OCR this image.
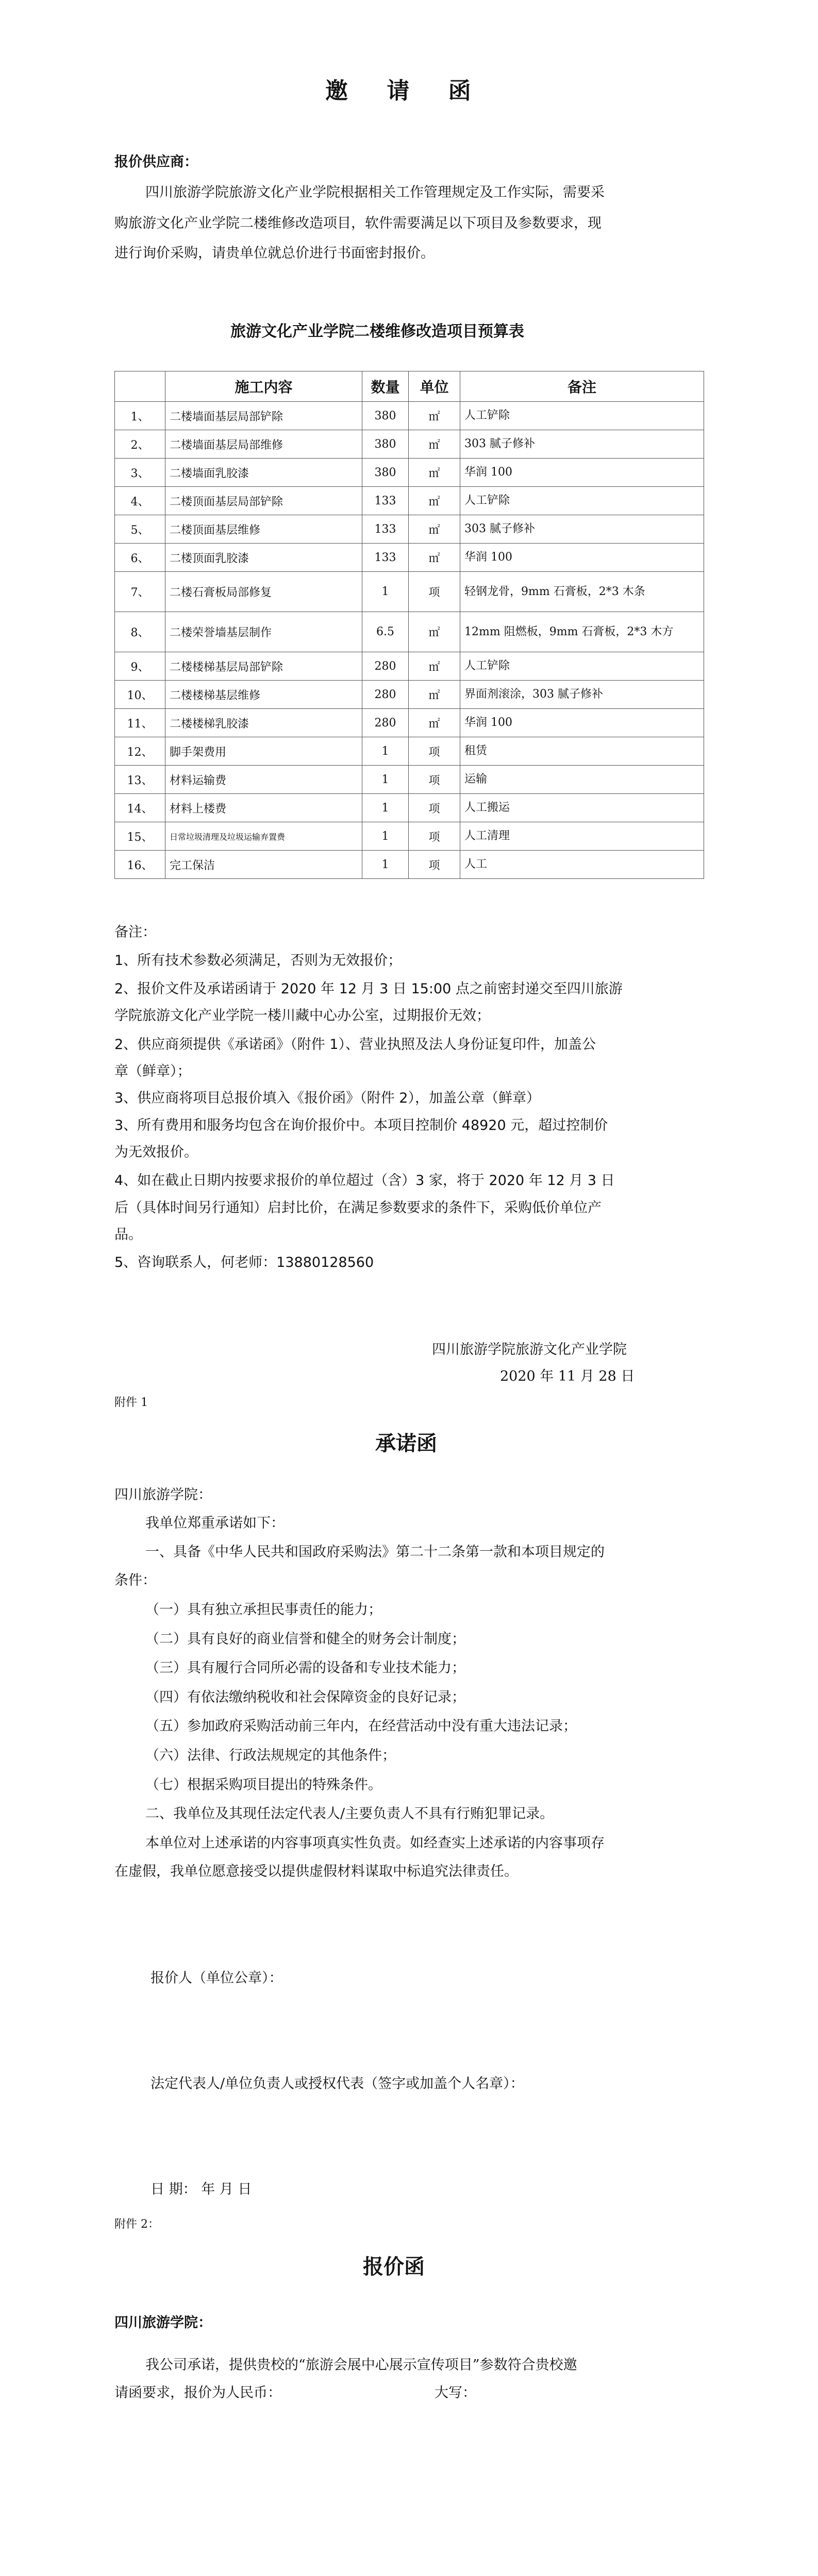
邀 请 函
报价供应商：
四川旅游学院旅游文化产业学院根据相关工作管理规定及工作实际，需要采
购旅游文化产业学院二楼维修改造项目，软件需要满足以下项目及参数要求，现
进行询价采购，请贵单位就总价进行书面密封报价。
旅游文化产业学院二楼维修改造项目预算表
	施工内容	数量	单位	备注
1、	二楼墙面基层局部铲除	380	㎡	人工铲除
2、	二楼墙面基层局部维修	380	㎡	303 腻子修补
3、	二楼墙面乳胶漆	380	㎡	华润 100
4、	二楼顶面基层局部铲除	133	㎡	人工铲除
5、	二楼顶面基层维修	133	㎡	303 腻子修补
6、	二楼顶面乳胶漆	133	㎡	华润 100
7、	二楼石膏板局部修复	1	项	轻钢龙骨，9mm 石膏板，2*3 木条
8、	二楼荣誉墙基层制作	6.5	㎡	12mm 阻燃板，9mm 石膏板，2*3 木方
9、	二楼楼梯基层局部铲除	280	㎡	人工铲除
10、	二楼楼梯基层维修	280	㎡	界面剂滚涂，303 腻子修补
11、	二楼楼梯乳胶漆	280	㎡	华润 100
12、	脚手架费用	1	项	租赁
13、	材料运输费	1	项	运输
14、	材料上楼费	1	项	人工搬运
15、	日常垃圾清理及垃圾运输弃置费	1	项	人工清理
16、	完工保洁	1	项	人工
备注：
1、所有技术参数必须满足，否则为无效报价；
2、报价文件及承诺函请于 2020 年 12 月 3 日 15:00 点之前密封递交至四川旅游
学院旅游文化产业学院一楼川藏中心办公室，过期报价无效；
2、供应商须提供《承诺函》（附件 1）、营业执照及法人身份证复印件，加盖公
章（鲜章）；
3、供应商将项目总报价填入《报价函》（附件 2），加盖公章（鲜章）
3、所有费用和服务均包含在询价报价中。本项目控制价 48920 元，超过控制价
为无效报价。
4、如在截止日期内按要求报价的单位超过（含）3 家，将于 2020 年 12 月 3 日
后（具体时间另行通知）启封比价，在满足参数要求的条件下，采购低价单位产
品。
5、咨询联系人，何老师：13880128560
四川旅游学院旅游文化产业学院
2020 年 11 月 28 日
附件 1
承诺函
四川旅游学院：
我单位郑重承诺如下：
一、具备《中华人民共和国政府采购法》第二十二条第一款和本项目规定的
条件：
（一）具有独立承担民事责任的能力；
（二）具有良好的商业信誉和健全的财务会计制度；
（三）具有履行合同所必需的设备和专业技术能力；
（四）有依法缴纳税收和社会保障资金的良好记录；
（五）参加政府采购活动前三年内，在经营活动中没有重大违法记录；
（六）法律、行政法规规定的其他条件；
（七）根据采购项目提出的特殊条件。
二、我单位及其现任法定代表人/主要负责人不具有行贿犯罪记录。
本单位对上述承诺的内容事项真实性负责。如经查实上述承诺的内容事项存
在虚假，我单位愿意接受以提供虚假材料谋取中标追究法律责任。
报价人（单位公章）：
法定代表人/单位负责人或授权代表（签字或加盖个人名章）：
日 期： 年 月 日
附件 2：
报价函
四川旅游学院：
我公司承诺，提供贵校的“旅游会展中心展示宣传项目”参数符合贵校邀
请函要求，报价为人民币：	大写：
